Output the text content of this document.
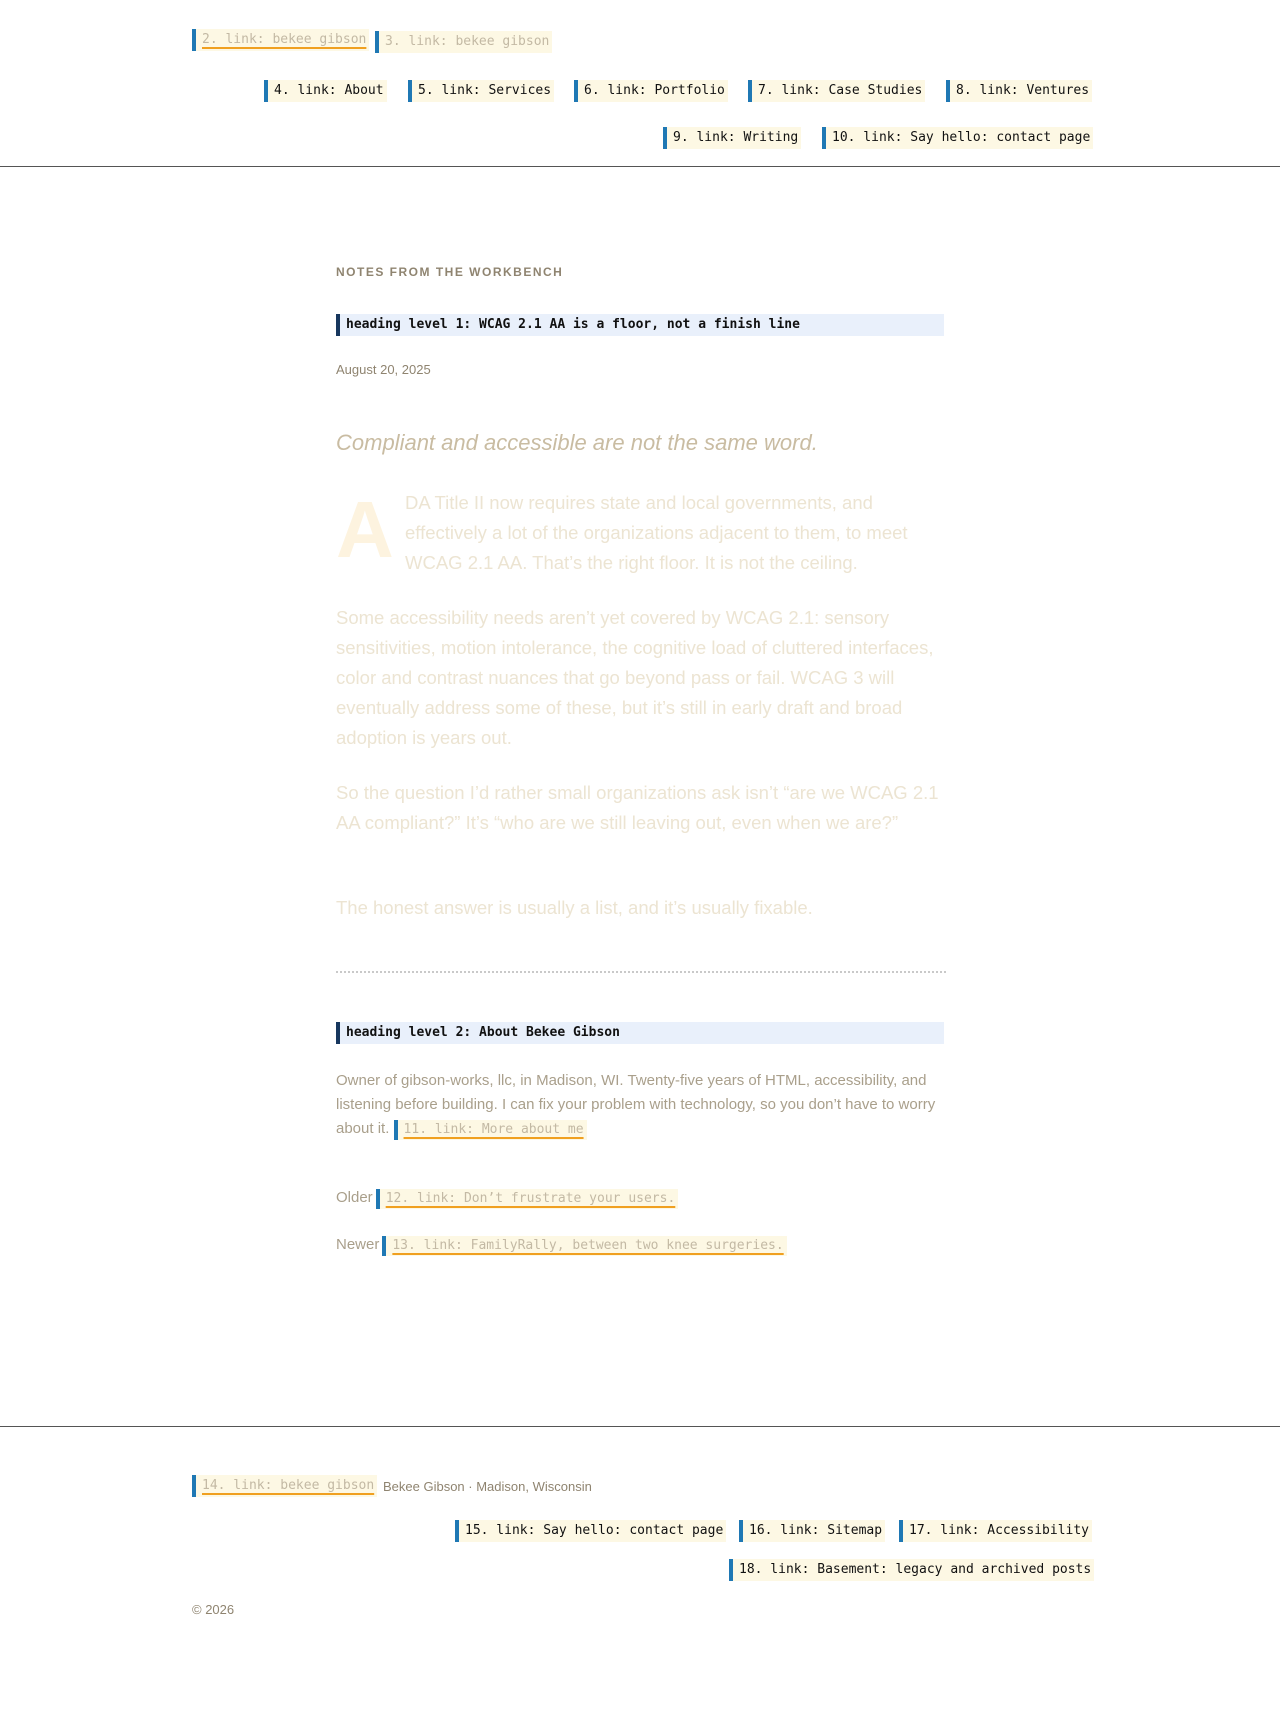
2. link: bekee gibson	3. link: bekee gibson
4. link: About	5. link: Services	6. link: Portfolio	7. link: Case Studies	8. link: Ventures
9. link: Writing	10. link: Say hello: contact page
NOTES FROM THE WORKBENCH
heading level 1: WCAG 2.1 AA is a floor, not a finish line
August 20, 2025
Compliant and accessible are not the same word.
A DA Title II now requires state and local governments, and effectively a lot of the organizations adjacent to them, to meet WCAG 2.1 AA. That’s the right floor. It is not the ceiling.

Some accessibility needs aren’t yet covered by WCAG 2.1: sensory sensitivities, motion intolerance, the cognitive load of cluttered interfaces, color and contrast nuances that go beyond pass or fail. WCAG 3 will eventually address some of these, but it’s still in early draft and broad adoption is years out.

So the question I’d rather small organizations ask isn’t “are we WCAG 2.1 AA compliant?” It’s “who are we still leaving out, even when we are?”

The honest answer is usually a list, and it’s usually fixable.

heading level 2: About Bekee Gibson

Owner of gibson-works, llc, in Madison, WI. Twenty-five years of HTML, accessibility, and listening before building. I can fix your problem with technology, so you don’t have to worry about it. 11. link: More about me

Older 12. link: Don’t frustrate your users.
Newer 13. link: FamilyRally, between two knee surgeries.
14. link: bekee gibson Bekee Gibson · Madison, Wisconsin
15. link: Say hello: contact page	16. link: Sitemap	17. link: Accessibility
18. link: Basement: legacy and archived posts
© 2026
